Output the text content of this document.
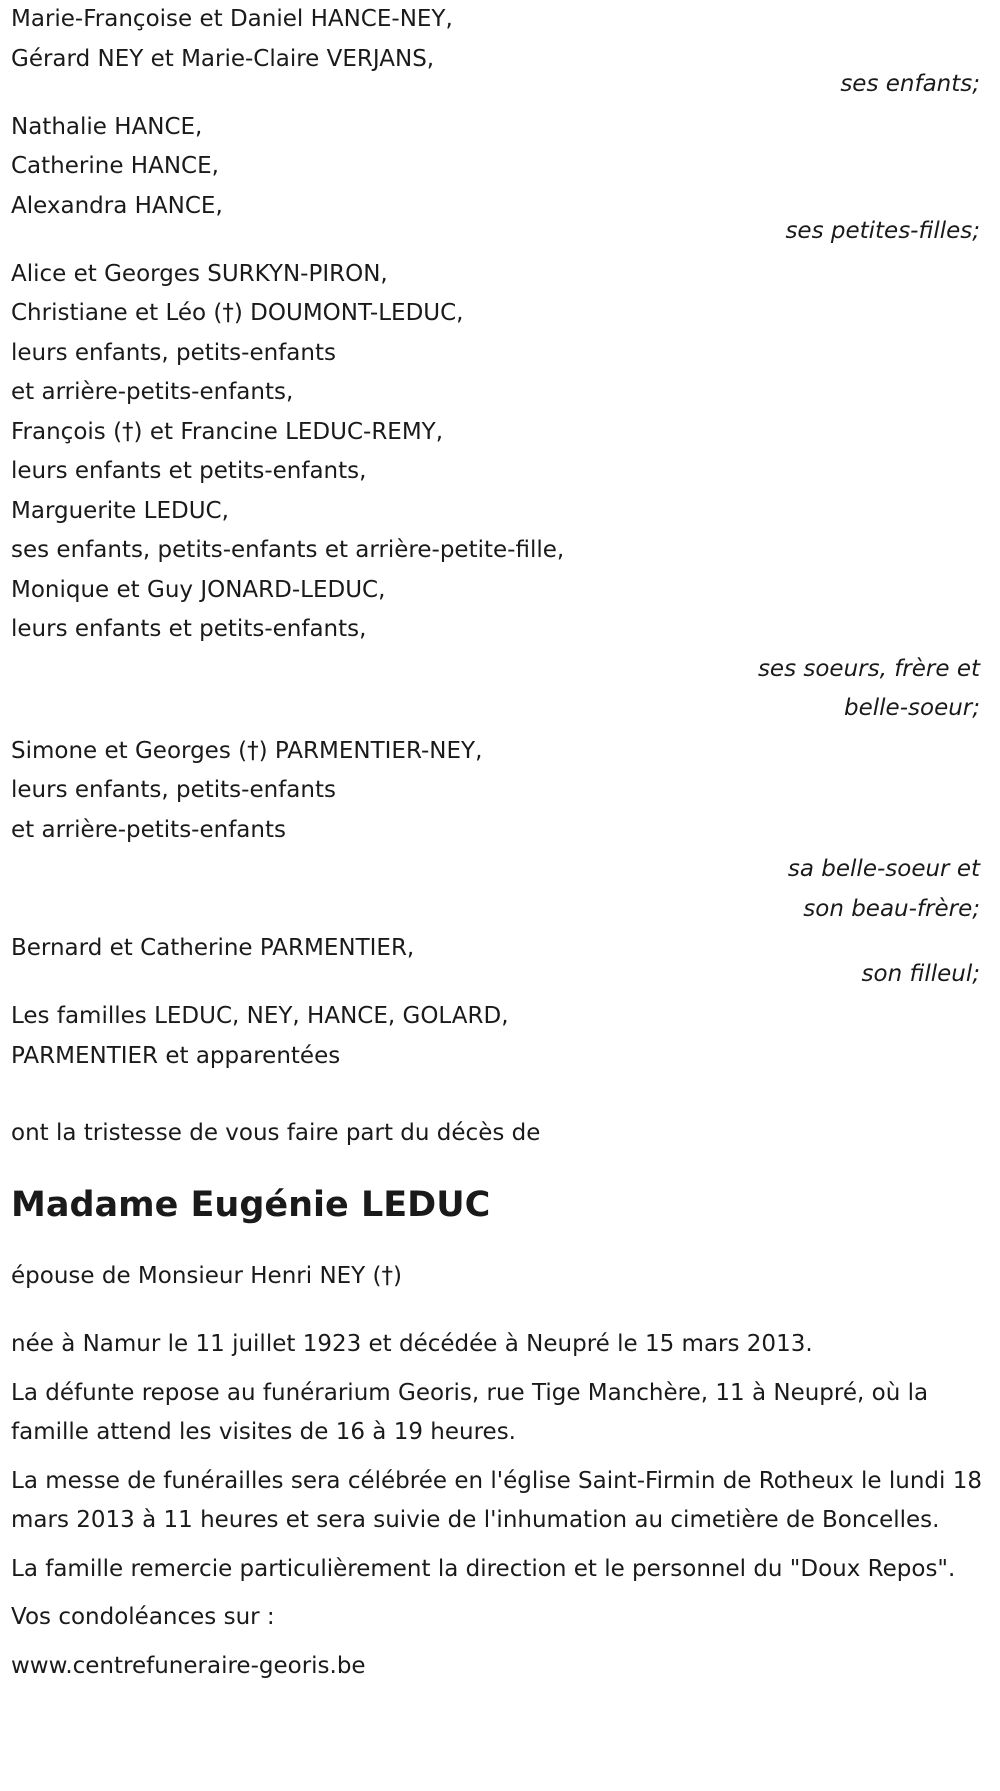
Marie-Françoise et Daniel HANCE-NEY,
Gérard NEY et Marie-Claire VERJANS,
ses enfants;
Nathalie HANCE,
Catherine HANCE,
Alexandra HANCE,
ses petites-filles;
Alice et Georges SURKYN-PIRON,
Christiane et Léo (†) DOUMONT-LEDUC,
leurs enfants, petits-enfants
et arrière-petits-enfants,
François (†) et Francine LEDUC-REMY,
leurs enfants et petits-enfants,
Marguerite LEDUC,
ses enfants, petits-enfants et arrière-petite-fille,
Monique et Guy JONARD-LEDUC,
leurs enfants et petits-enfants,
ses soeurs, frère et
belle-soeur;
Simone et Georges (†) PARMENTIER-NEY,
leurs enfants, petits-enfants
et arrière-petits-enfants
sa belle-soeur et
son beau-frère;
Bernard et Catherine PARMENTIER,
son filleul;
Les familles LEDUC, NEY, HANCE, GOLARD,
PARMENTIER et apparentées
ont la tristesse de vous faire part du décès de
Madame Eugénie LEDUC
épouse de Monsieur Henri NEY (†)
née à Namur le 11 juillet 1923 et décédée à Neupré le 15 mars 2013.
La défunte repose au funérarium Georis, rue Tige Manchère, 11 à Neupré, où la famille attend les visites de 16 à 19 heures.
La messe de funérailles sera célébrée en l'église Saint-Firmin de Rotheux le lundi 18 mars 2013 à 11 heures et sera suivie de l'inhumation au cimetière de Boncelles.
La famille remercie particulièrement la direction et le personnel du "Doux Repos".
Vos condoléances sur :
www.centrefuneraire-georis.be
